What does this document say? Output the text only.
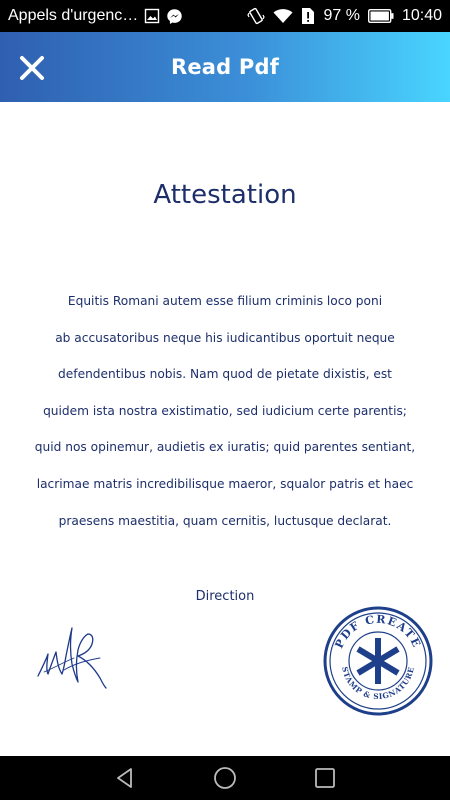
Appels d'urgenc…	97 %	10:40
Read Pdf
Attestation
Equitis Romani autem esse filium criminis loco poni
ab accusatoribus neque his iudicantibus oportuit neque
defendentibus nobis. Nam quod de pietate dixistis, est
quidem ista nostra existimatio, sed iudicium certe parentis;
quid nos opinemur, audietis ex iuratis; quid parentes sentiant,
lacrimae matris incredibilisque maeror, squalor patris et haec
praesens maestitia, quam cernitis, luctusque declarat.
Direction
PDF CREATE
STAMP & SIGNATURE
